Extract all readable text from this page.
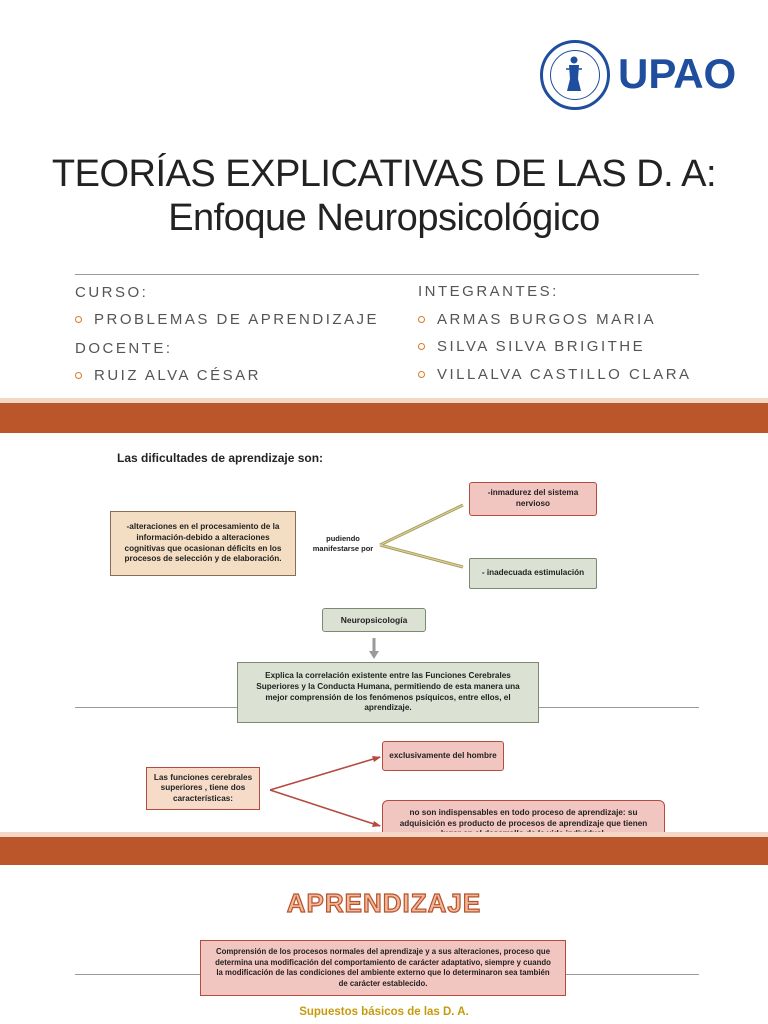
UPAO
TEORÍAS EXPLICATIVAS DE LAS D. A:
Enfoque Neuropsicológico
CURSO:
PROBLEMAS DE APRENDIZAJE
DOCENTE:
RUIZ ALVA CÉSAR
INTEGRANTES:
ARMAS BURGOS MARIA
SILVA SILVA BRIGITHE
VILLALVA CASTILLO CLARA
Las dificultades de aprendizaje son:
-alteraciones en el procesamiento de la información-debido a alteraciones cognitivas que ocasionan déficits en los procesos de selección y de elaboración.
pudiendo manifestarse por
-inmadurez del sistema nervioso
- inadecuada estimulación
Neuropsicología
Explica la correlación existente entre las Funciones Cerebrales Superiores y la Conducta Humana, permitiendo de esta manera una mejor comprensión de los fenómenos psíquicos, entre ellos, el aprendizaje.
Las funciones cerebrales superiores , tiene dos características:
exclusivamente del hombre
no son indispensables en todo proceso de aprendizaje: su adquisición es producto de procesos de aprendizaje que tienen
APRENDIZAJE
Comprensión de los procesos normales del aprendizaje y a sus alteraciones, proceso que determina una modificación del comportamiento de carácter adaptativo, siempre y cuando la modificación de las condiciones del ambiente externo que lo determinaron sea también de carácter establecido.
Supuestos básicos de las D. A.
